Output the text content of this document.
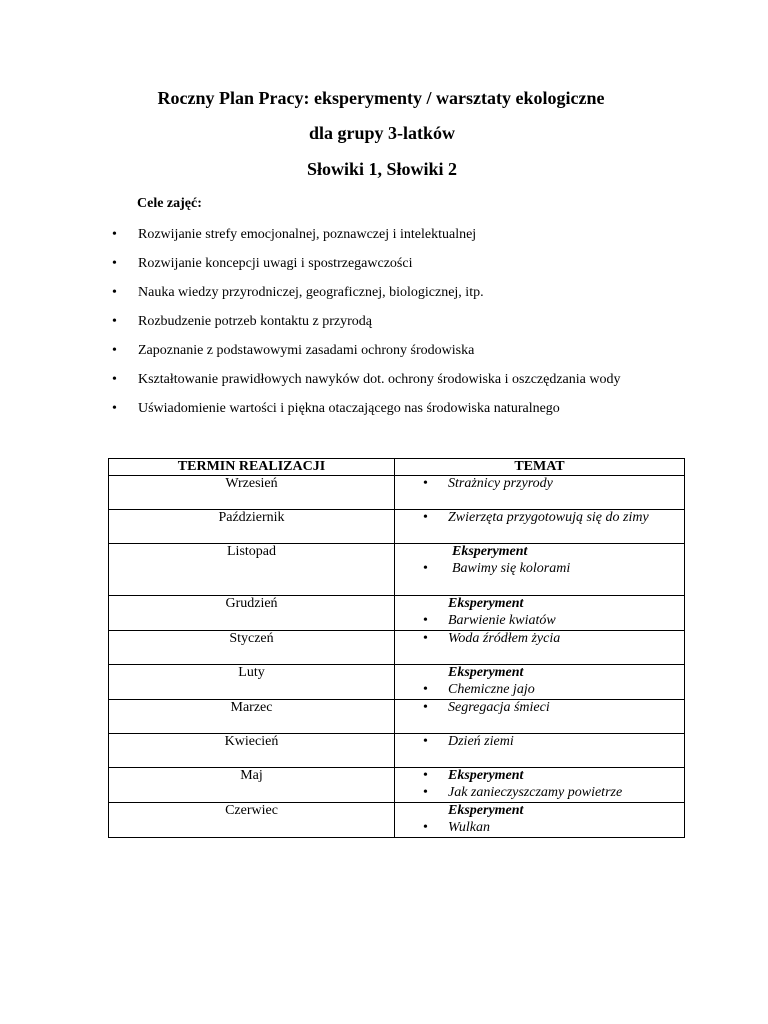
Roczny Plan Pracy: eksperymenty / warsztaty ekologiczne
dla grupy 3-latków
Słowiki 1, Słowiki 2
Cele zajęć:
• Rozwijanie strefy emocjonalnej, poznawczej i intelektualnej
• Rozwijanie koncepcji uwagi i spostrzegawczości
• Nauka wiedzy przyrodniczej, geograficznej, biologicznej, itp.
• Rozbudzenie potrzeb kontaktu z przyrodą
• Zapoznanie z podstawowymi zasadami ochrony środowiska
• Kształtowanie prawidłowych nawyków dot. ochrony środowiska i oszczędzania wody
• Uświadomienie wartości i piękna otaczającego nas środowiska naturalnego
TERMIN REALIZACJI	TEMAT

Wrzesień	• Strażnicy przyrody

Październik	• Zwierzęta przygotowują się do zimy

Listopad	Eksperyment
• Bawimy się kolorami

Grudzień	Eksperyment
• Barwienie kwiatów

Styczeń	• Woda źródłem życia

Luty	Eksperyment
• Chemiczne jajo

Marzec	• Segregacja śmieci

Kwiecień	• Dzień ziemi

Maj	• Eksperyment
• Jak zanieczyszczamy powietrze

Czerwiec	Eksperyment
• Wulkan
